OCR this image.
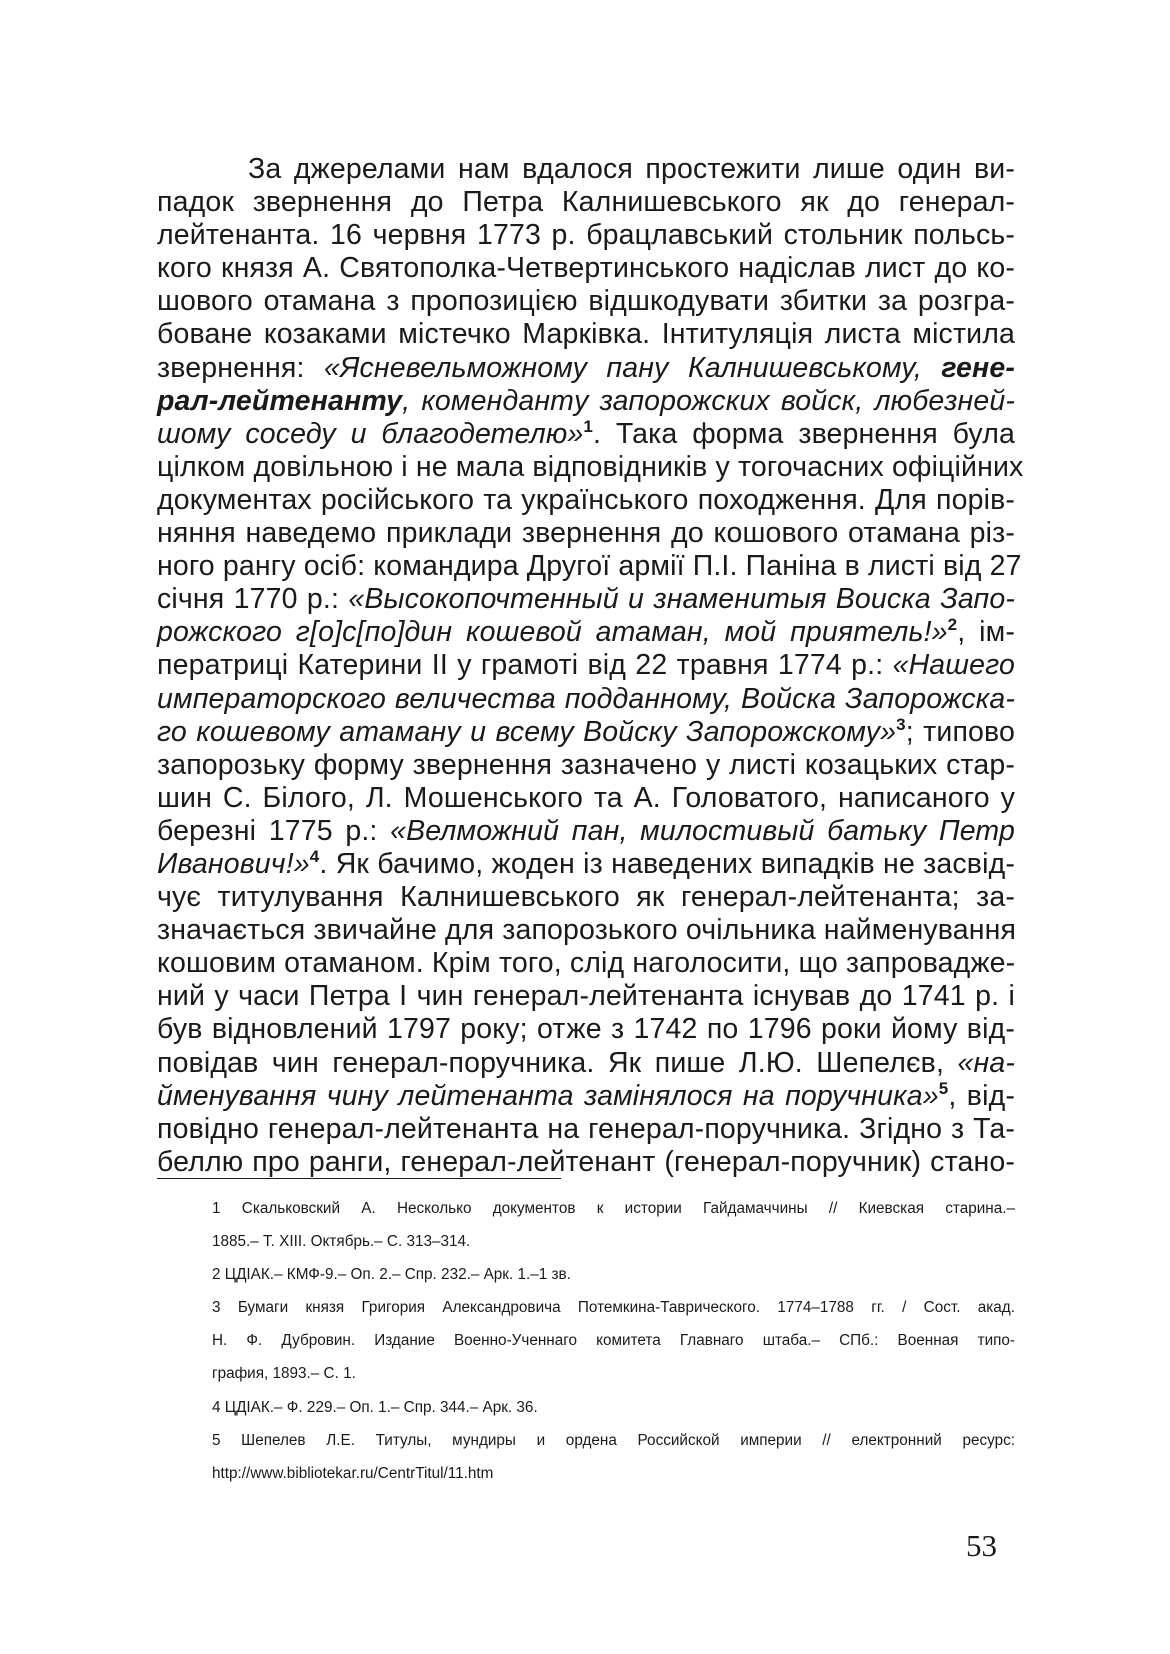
За джерелами нам вдалося простежити лише один ви-
падок звернення до Петра Калнишевського як до генерал-
лейтенанта. 16 червня 1773 р. брацлавський стольник польсь-
кого князя А. Святополка-Четвертинського надіслав лист до ко-
шового отамана з пропозицією відшкодувати збитки за розгра-
боване козаками містечко Марківка. Інтитуляція листа містила
звернення: «Ясневельможному пану Калнишевському, гене-
рал-лейтенанту, комендантy запорожских войск, любезней-
шому соседу и благодетелю»$^1$. Така форма звернення була
цілком довільною і не мала відповідників у тогочасних офіційних
документах російського та українського походження. Для порів-
няння наведемо приклади звернення до кошового отамана різ-
ного рангу осіб: командира Другої армії П.І. Паніна в листі від 27
січня 1770 р.: «Высокопочтенный и знаменитыя Воиска Запо-
рожского г[о]с[по]дин кошевой атаман, мой приятель!»$^2$, ім-
ператриці Катерини ІІ у грамоті від 22 травня 1774 р.: «Нашего
императорского величества подданному, Войска Запорожска-
го кошевому атаману и всему Войску Запорожскому»$^3$; типово
запорозьку форму звернення зазначено у листі козацьких стар-
шин С. Білого, Л. Мошенського та А. Головатого, написаного у
березні 1775 р.: «Велможний пан, милостивый батьку Петр
Иванович!»$^4$. Як бачимо, жоден із наведених випадків не засвід-
чує титулування Калнишевського як генерал-лейтенанта; за-
значається звичайне для запорозького очільника найменування
кошовим отаманом. Крім того, слід наголосити, що запроваджe-
ний у часи Петра І чин генерал-лейтенанта існував до 1741 р. і
був відновлений 1797 року; отже з 1742 по 1796 роки йому від-
повідав чин генерал-поручника. Як пише Л.Ю. Шепелєв, «на-
йменування чину лейтенанта замінялося на поручника»$^5$, від-
повідно генерал-лейтенанта на генерал-поручника. Згідно з Та-
беллю про ранги, генерал-лейтенант (генерал-поручник) стано-
1 Скальковский А. Несколько документов к истории Гайдамаччины // Киевская старина.–
1885.– Т. XIII. Октябрь.– С. 313–314.
2 ЦДІАК.– КМФ-9.– Оп. 2.– Спр. 232.– Арк. 1.–1 зв.
3 Бумаги князя Григория Александровича Потемкина-Таврического. 1774–1788 гг. / Сост. акад.
Н. Ф. Дубровин. Издание Военно-Ученнаго комитета Главнаго штаба.– СПб.: Военная типо-
графия, 1893.– С. 1.
4 ЦДІАК.– Ф. 229.– Оп. 1.– Спр. 344.– Арк. 36.
5 Шепелев Л.Е. Титулы, мундиры и ордена Российской империи // електронний ресурс:
http://www.bibliotekar.ru/CentrTitul/11.htm
53
